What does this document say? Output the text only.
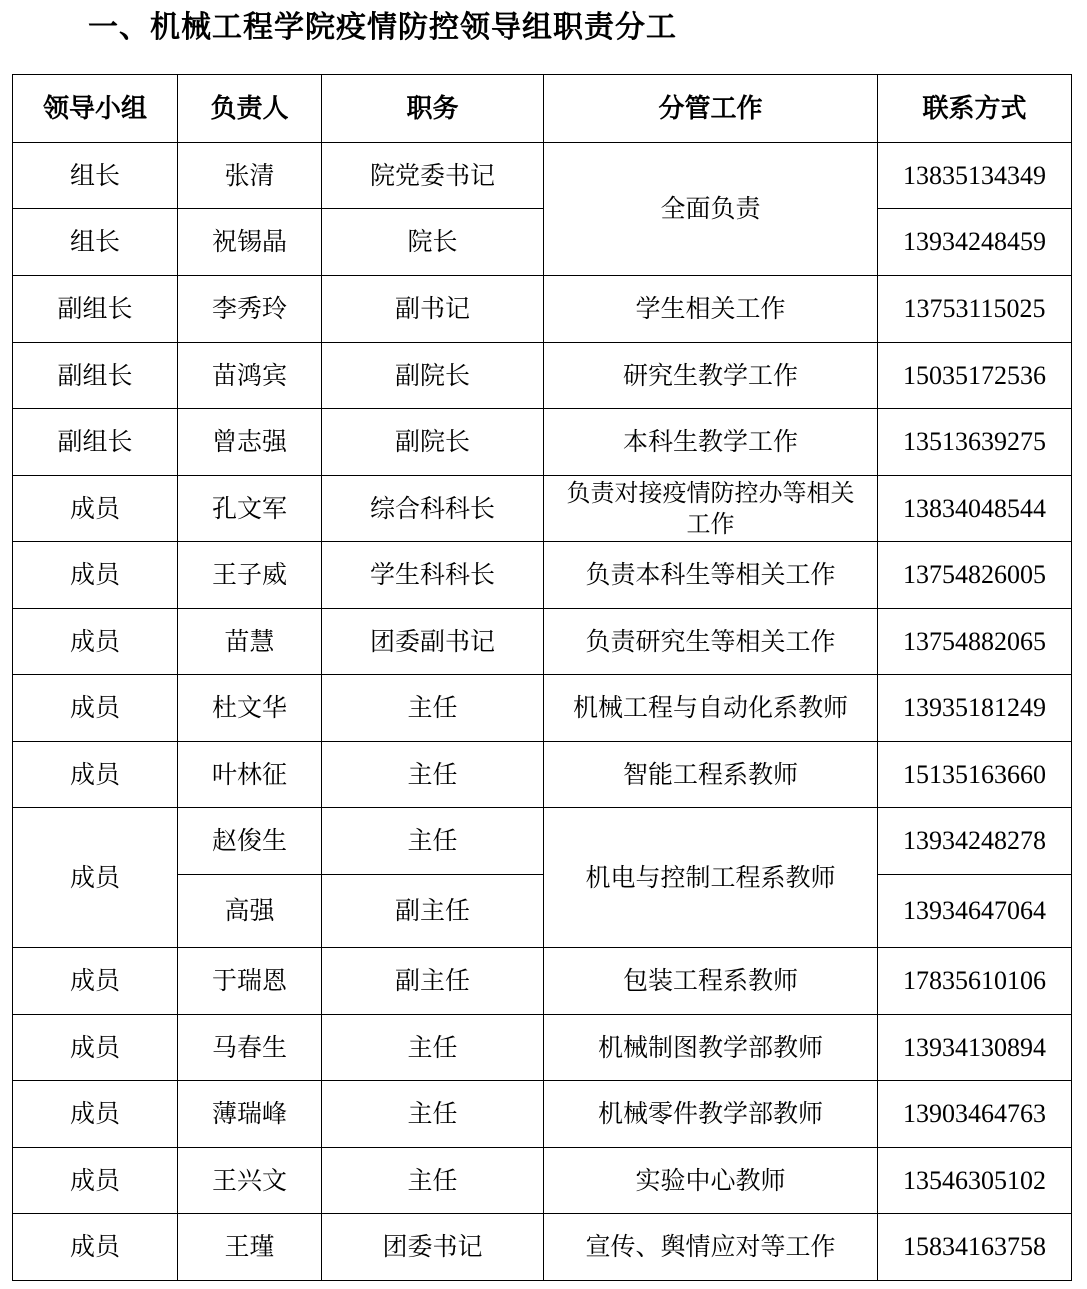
一、机械工程学院疫情防控领导组职责分工
领导小组	负责人	职务	分管工作	联系方式
组长	张清	院党委书记	全面负责	13835134349
组长	祝锡晶	院长		13934248459
副组长	李秀玲	副书记	学生相关工作	13753115025
副组长	苗鸿宾	副院长	研究生教学工作	15035172536
副组长	曾志强	副院长	本科生教学工作	13513639275
成员	孔文军	综合科科长	负责对接疫情防控办等相关工作	13834048544
成员	王子威	学生科科长	负责本科生等相关工作	13754826005
成员	苗慧	团委副书记	负责研究生等相关工作	13754882065
成员	杜文华	主任	机械工程与自动化系教师	13935181249
成员	叶林征	主任	智能工程系教师	15135163660
成员	赵俊生	主任	机电与控制工程系教师	13934248278
	高强	副主任		13934647064
成员	于瑞恩	副主任	包装工程系教师	17835610106
成员	马春生	主任	机械制图教学部教师	13934130894
成员	薄瑞峰	主任	机械零件教学部教师	13903464763
成员	王兴文	主任	实验中心教师	13546305102
成员	王瑾	团委书记	宣传、舆情应对等工作	15834163758
